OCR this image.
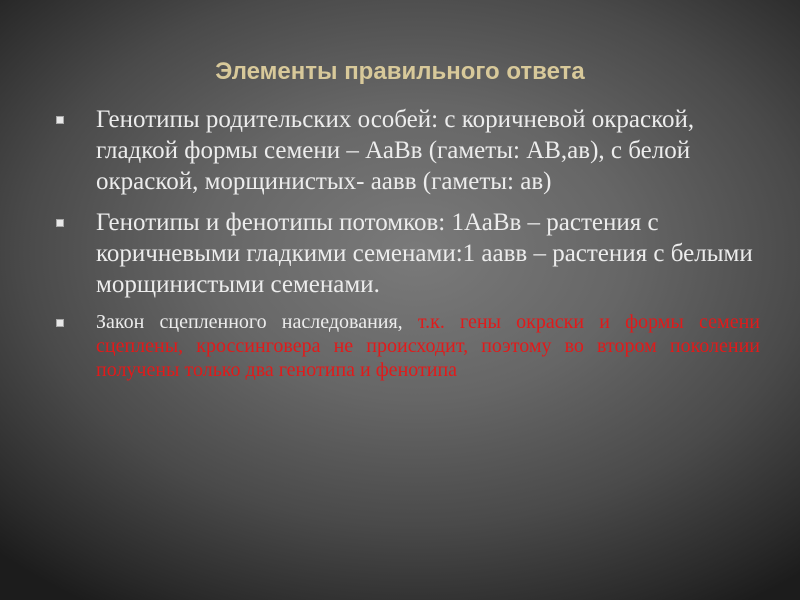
Элементы правильного ответа
Генотипы родительских особей: с коричневой окраской, гладкой формы семени – АаВв (гаметы: АВ,ав), с белой окраской, морщинистых- аавв (гаметы: ав)
Генотипы и фенотипы потомков: 1АаВв – растения с коричневыми гладкими семенами:1 аавв – растения с белыми морщинистыми семенами.
Закон сцепленного наследования, т.к. гены окраски и формы семени сцеплены, кроссинговера не происходит, поэтому во втором поколении получены только два генотипа и фенотипа
